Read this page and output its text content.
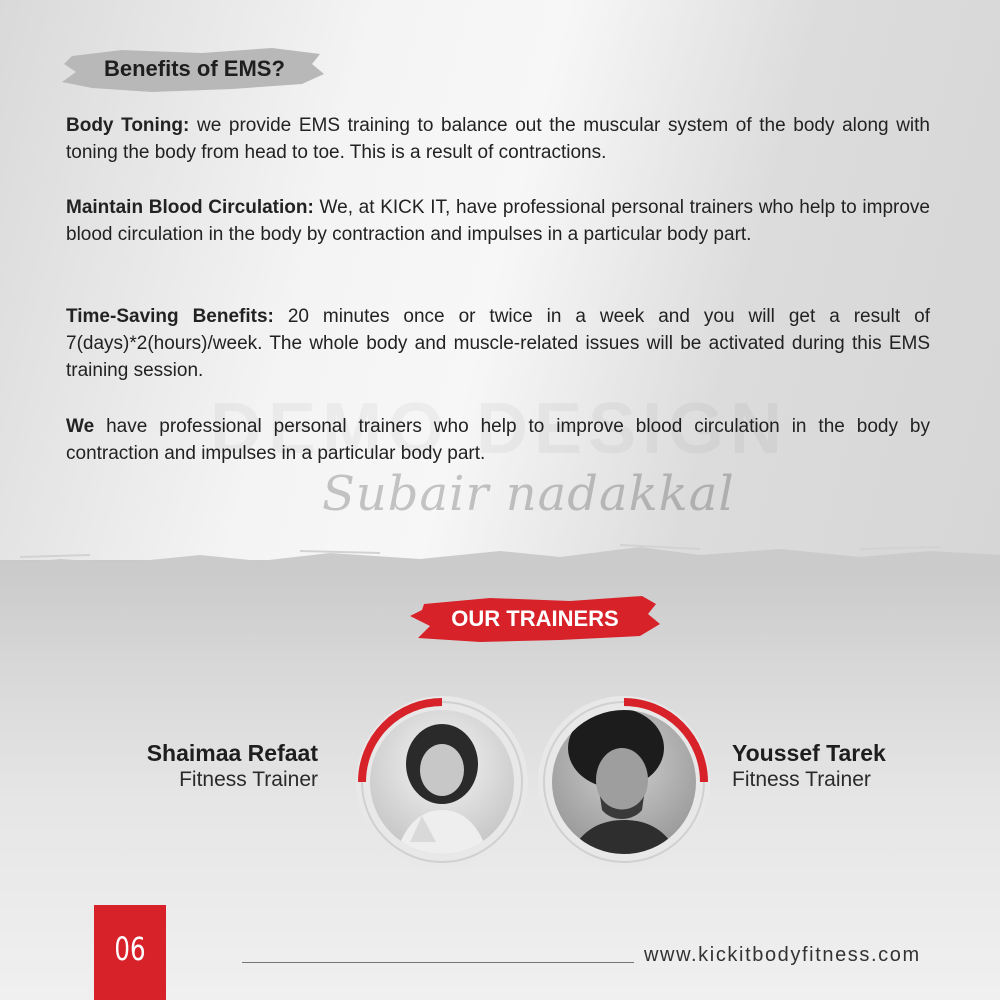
Benefits of EMS?

Body Toning: we provide EMS training to balance out the muscular system of the body along with toning the body from head to toe. This is a result of contractions.

Maintain Blood Circulation: We, at KICK IT, have professional personal trainers who help to improve blood circulation in the body by contraction and impulses in a particular body part.

Time-Saving Benefits: 20 minutes once or twice in a week and you will get a result of 7(days)*2(hours)/week. The whole body and muscle-related issues will be activated during this EMS training session.

We have professional personal trainers who help to improve blood circulation in the body by contraction and impulses in a particular body part.

Subair nadakkal
OUR TRAINERS
Shaimaa Refaat
Fitness Trainer
Youssef Tarek
Fitness Trainer
06	www.kickitbodyfitness.com
